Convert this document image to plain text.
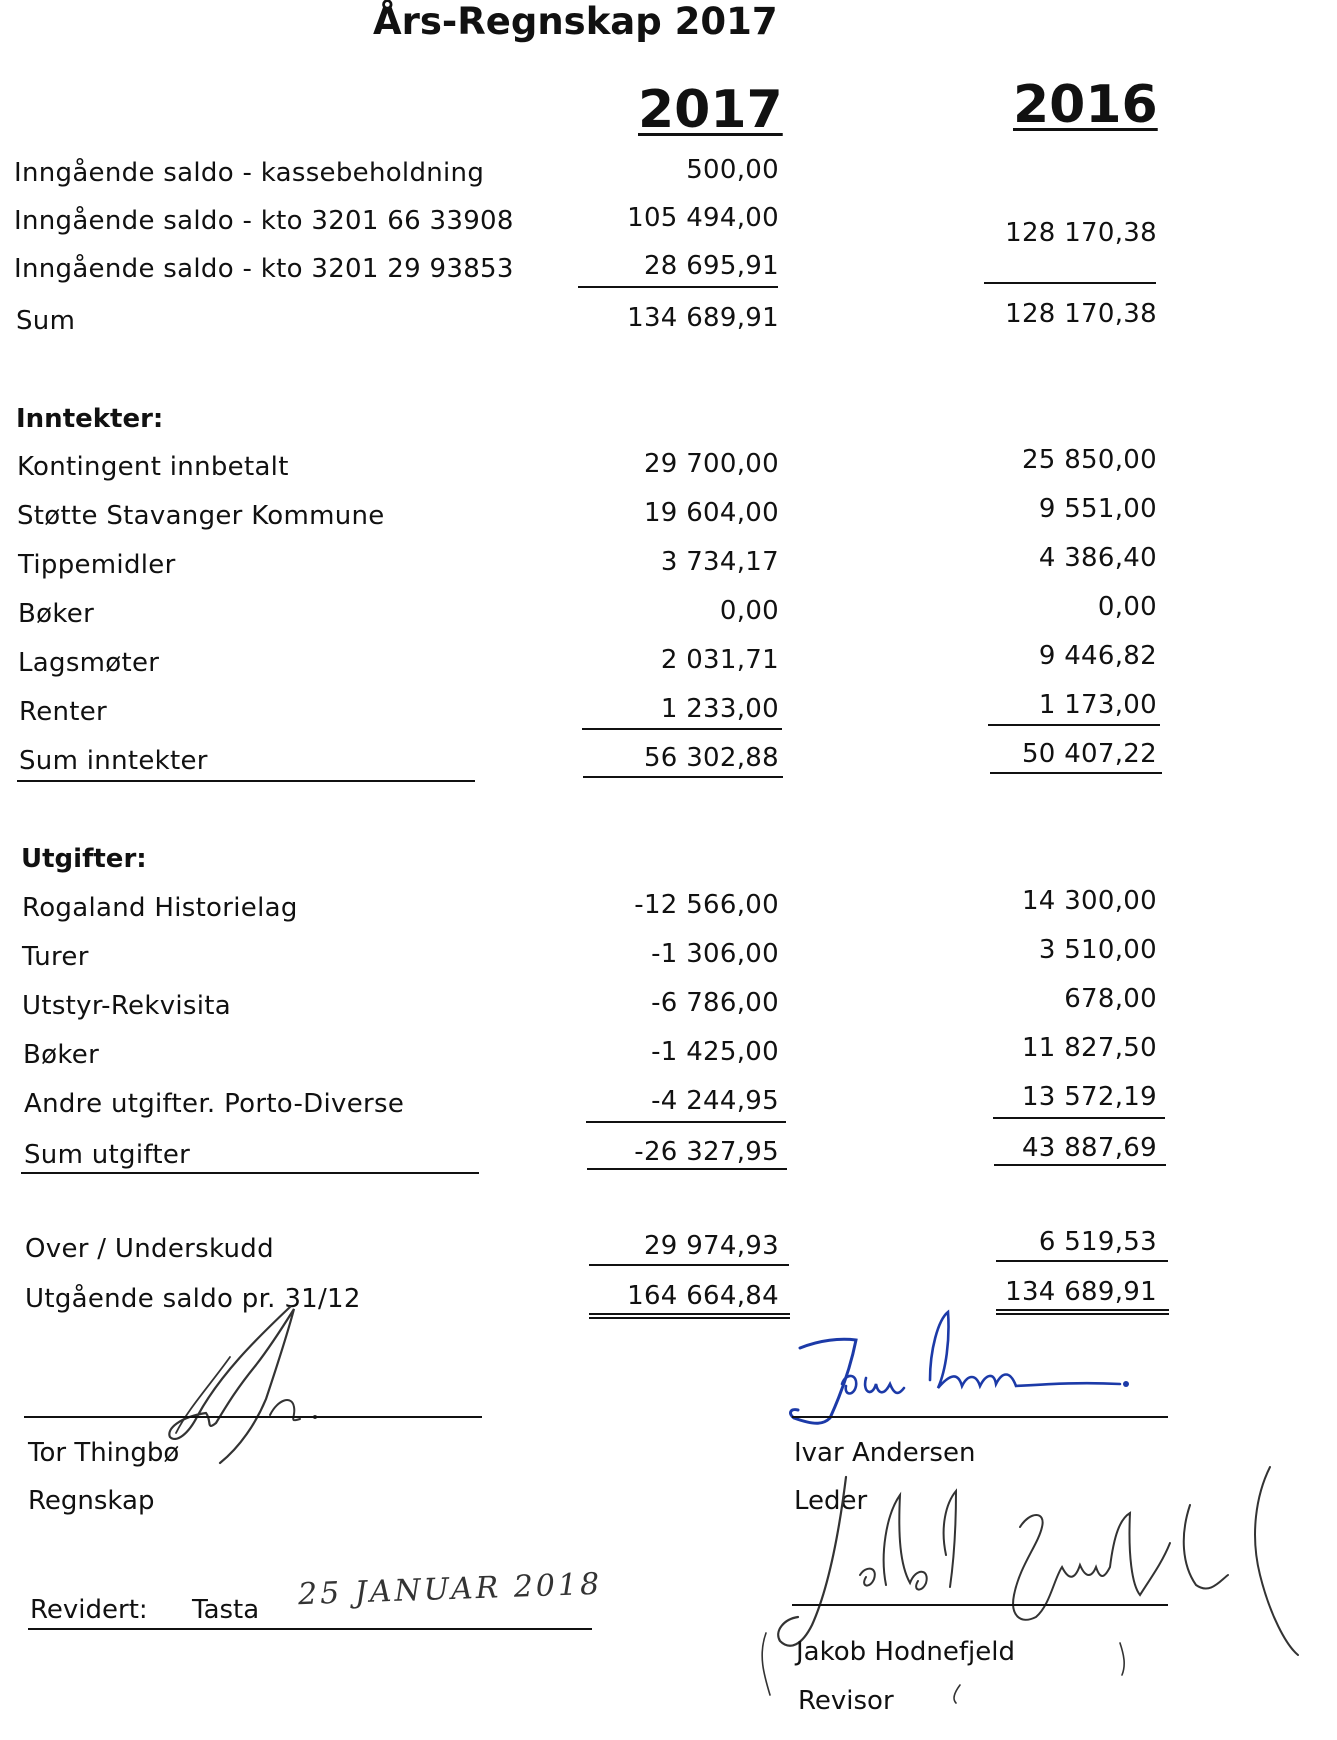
Års-Regnskap 2017
2017	2016
Inngående saldo - kassebeholdning	500,00
Inngående saldo - kto 3201 66 33908	105 494,00	128 170,38
Inngående saldo - kto 3201 29 93853	28 695,91
Sum	134 689,91	128 170,38
Inntekter:
Kontingent innbetalt	29 700,00	25 850,00
Støtte Stavanger Kommune	19 604,00	9 551,00
Tippemidler	3 734,17	4 386,40
Bøker	0,00	0,00
Lagsmøter	2 031,71	9 446,82
Renter	1 233,00	1 173,00
Sum inntekter	56 302,88	50 407,22
Utgifter:
Rogaland Historielag	-12 566,00	14 300,00
Turer	-1 306,00	3 510,00
Utstyr-Rekvisita	-6 786,00	678,00
Bøker	-1 425,00	11 827,50
Andre utgifter. Porto-Diverse	-4 244,95	13 572,19
Sum utgifter	-26 327,95	43 887,69
Over / Underskudd	29 974,93	6 519,53
Utgående saldo pr. 31/12	164 664,84	134 689,91
Tor Thingbø
Regnskap
Ivar Andersen
Leder
Revidert: Tasta 25 JANUAR 2018
Jakob Hodnefjeld
Revisor
